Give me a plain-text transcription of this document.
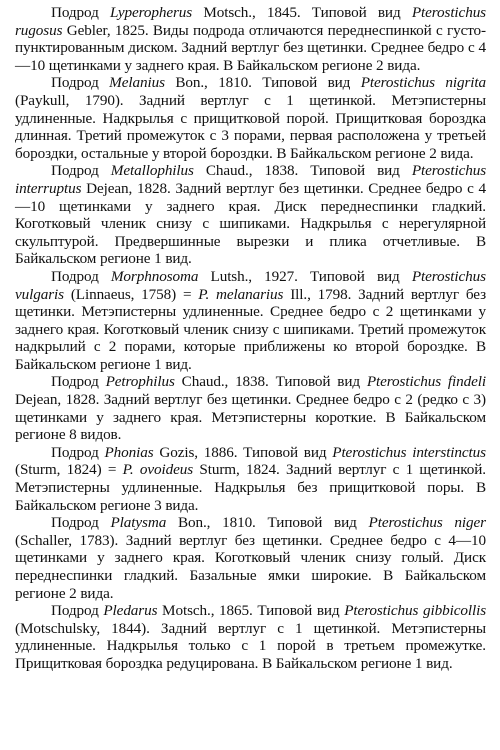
Подрод Lyperopherus Motsch., 1845. Типовой вид Pterostichus rugosus Gebler, 1825. Виды подрода отличаются переднеспинкой с густо-пунктированным диском. Задний вертлуг без щетинки. Среднее бедро с 4—10 щетинками у заднего края. В Байкальском регионе 2 вида.

Подрод Melanius Bon., 1810. Типовой вид Pterostichus nigrita (Paykull, 1790). Задний вертлуг с 1 щетинкой. Метэпистерны удлиненные. Надкрылья с прищитковой порой. Прищитковая бороздка длинная. Третий промежуток с 3 порами, первая расположена у третьей бороздки, остальные у второй бороздки. В Байкальском регионе 2 вида.

Подрод Metallophilus Chaud., 1838. Типовой вид Pterostichus interruptus Dejean, 1828. Задний вертлуг без щетинки. Среднее бедро с 4—10 щетинками у заднего края. Диск переднеспинки гладкий. Коготковый членик снизу с шипиками. Надкрылья с нерегулярной скульптурой. Предвершинные вырезки и плика отчетливые. В Байкальском регионе 1 вид.

Подрод Morphnosoma Lutsh., 1927. Типовой вид Pterostichus vulgaris (Linnaeus, 1758) = P. melanarius Ill., 1798. Задний вертлуг без щетинки. Метэпистерны удлиненные. Среднее бедро с 2 щетинками у заднего края. Коготковый членик снизу с шипиками. Третий промежуток надкрылий с 2 порами, которые приближены ко второй бороздке. В Байкальском регионе 1 вид.

Подрод Petrophilus Chaud., 1838. Типовой вид Pterostichus findeli Dejean, 1828. Задний вертлуг без щетинки. Среднее бедро с 2 (редко с 3) щетинками у заднего края. Метэпистерны короткие. В Байкальском регионе 8 видов.

Подрод Phonias Gozis, 1886. Типовой вид Pterostichus interstinctus (Sturm, 1824) = P. ovoideus Sturm, 1824. Задний вертлуг с 1 щетинкой. Метэпистерны удлиненные. Надкрылья без прищитковой поры. В Байкальском регионе 3 вида.

Подрод Platysma Bon., 1810. Типовой вид Pterostichus niger (Schaller, 1783). Задний вертлуг без щетинки. Среднее бедро с 4—10 щетинками у заднего края. Коготковый членик снизу голый. Диск переднеспинки гладкий. Базальные ямки широкие. В Байкальском регионе 2 вида.

Подрод Pledarus Motsch., 1865. Типовой вид Pterostichus gibbicollis (Motschulsky, 1844). Задний вертлуг с 1 щетинкой. Метэпистерны удлиненные. Надкрылья только с 1 порой в третьем промежутке. Прищитковая бороздка редуцирована. В Байкальском регионе 1 вид.
